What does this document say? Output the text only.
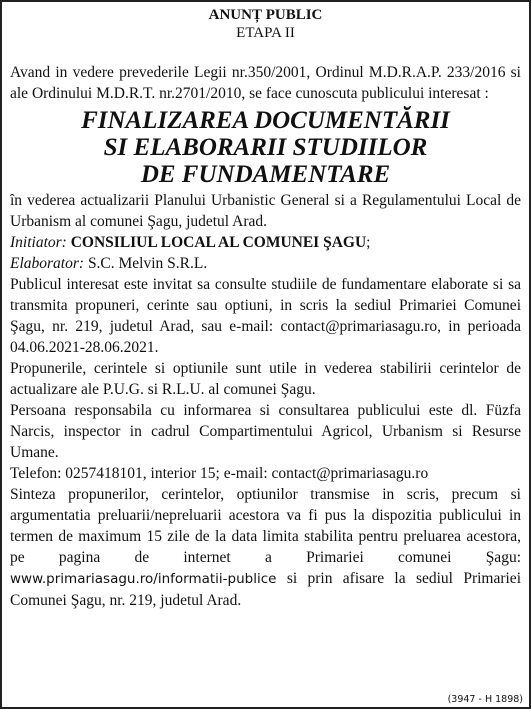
ANUNȚ PUBLIC
ETAPA II

Avand in vedere prevederile Legii nr.350/2001, Ordinul M.D.R.A.P. 233/2016 si ale Ordinului M.D.R.T. nr.2701/2010, se face cunoscuta publicului interesat :

FINALIZAREA DOCUMENTĂRII
SI ELABORARII STUDIILOR
DE FUNDAMENTARE

în vederea actualizarii Planului Urbanistic General si a Regulamentului Local de Urbanism al comunei Şagu, judetul Arad.

Initiator: CONSILIUL LOCAL AL COMUNEI ŞAGU;

Elaborator: S.C. Melvin S.R.L.

Publicul interesat este invitat sa consulte studiile de fundamentare elaborate si sa transmita propuneri, cerinte sau optiuni, in scris la sediul Primariei Comunei Şagu, nr. 219, judetul Arad, sau e-mail: contact@primariasagu.ro, in perioada 04.06.2021-28.06.2021.

Propunerile, cerintele si optiunile sunt utile in vederea stabilirii cerintelor de actualizare ale P.U.G. si R.L.U. al comunei Şagu.

Persoana responsabila cu informarea si consultarea publicului este dl. Füzfa Narcis, inspector in cadrul Compartimentului Agricol, Urbanism si Resurse Umane.

Telefon: 0257418101, interior 15; e-mail: contact@primariasagu.ro

Sinteza propunerilor, cerintelor, optiunilor transmise in scris, precum si argumentatia preluarii/nepreluarii acestora va fi pus la dispozitia publicului in termen de maximum 15 zile de la data limita stabilita pentru preluarea acestora, pe pagina de internet a Primariei comunei Şagu: www.primariasagu.ro/informatii-publice si prin afisare la sediul Primariei Comunei Şagu, nr. 219, judetul Arad.

(3947 - H 1898)
